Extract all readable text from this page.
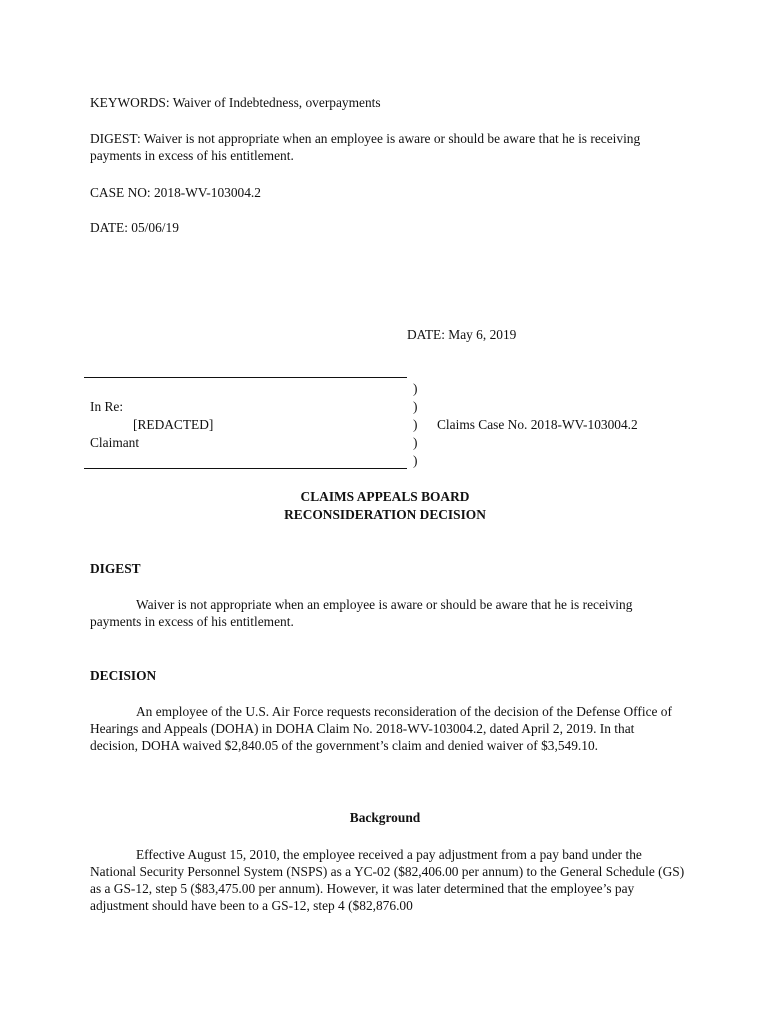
KEYWORDS: Waiver of Indebtedness, overpayments

DIGEST: Waiver is not appropriate when an employee is aware or should be aware that he is receiving payments in excess of his entitlement.

CASE NO: 2018-WV-103004.2

DATE: 05/06/19

DATE: May 6, 2019
)
)
)
)
)
In Re:
[REDACTED]
Claimant
Claims Case No. 2018-WV-103004.2
CLAIMS APPEALS BOARD
RECONSIDERATION DECISION
DIGEST

Waiver is not appropriate when an employee is aware or should be aware that he is receiving payments in excess of his entitlement.

DECISION

An employee of the U.S. Air Force requests reconsideration of the decision of the Defense Office of Hearings and Appeals (DOHA) in DOHA Claim No. 2018-WV-103004.2, dated April 2, 2019. In that decision, DOHA waived $2,840.05 of the government’s claim and denied waiver of $3,549.10.

Background

Effective August 15, 2010, the employee received a pay adjustment from a pay band under the National Security Personnel System (NSPS) as a YC-02 ($82,406.00 per annum) to the General Schedule (GS) as a GS-12, step 5 ($83,475.00 per annum). However, it was later determined that the employee’s pay adjustment should have been to a GS-12, step 4 ($82,876.00
